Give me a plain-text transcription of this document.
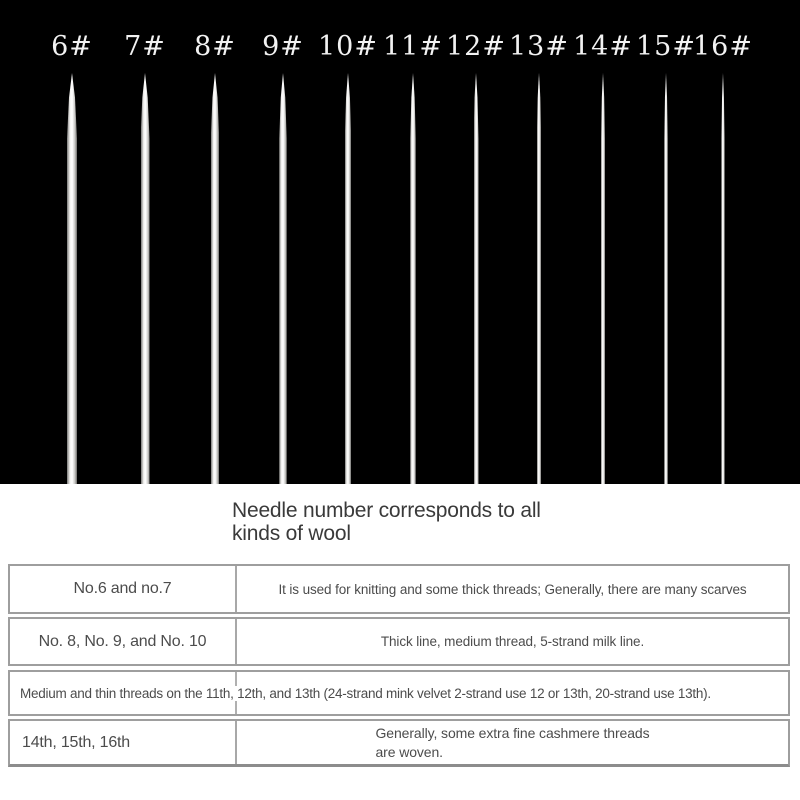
6# 7# 8# 9# 10# 11# 12# 13# 14# 15#
16#
Needle number corresponds to all
kinds of wool
No.6 and no.7	It is used for knitting and some thick threads; Generally, there are many scarves
No. 8, No. 9, and No. 10	Thick line, medium thread, 5-strand milk line.
Medium and thin threads on the 11th, 12th, and 13th (24-strand mink velvet 2-strand use 12 or 13th, 20-strand use 13th).
14th, 15th, 16th
Generally, some extra fine cashmere threads
are woven.
